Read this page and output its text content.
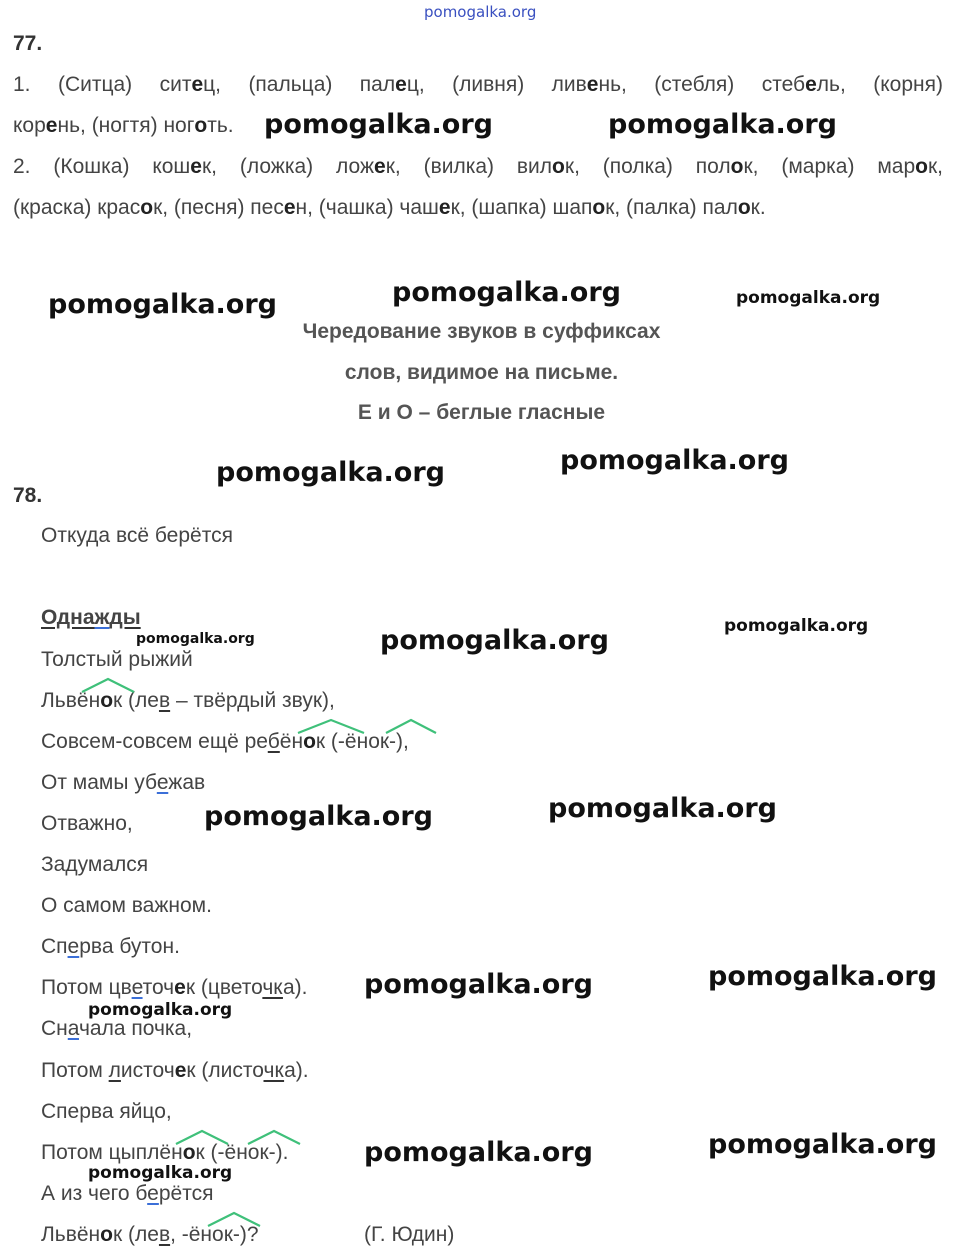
pomogalka.org
77.
1. (Ситца) ситец, (пальца) палец, (ливня) ливень, (стебля) стебель, (корня)
корень, (ногтя) ноготь.
2. (Кошка) кошек, (ложка) ложек, (вилка) вилок, (полка) полок, (марка) марок,
(краска) красок, (песня) песен, (чашка) чашек, (шапка) шапок, (палка) палок.
Чередование звуков в суффиксах
слов, видимое на письме.
Е и О – беглые гласные
78.
Откуда всё берётся
Однажды
Толстый рыжий
Львёнок (лев – твёрдый звук),
Совсем-совсем ещё ребёнок (-ёнок-),
От мамы убежав
Отважно,
Задумался
О самом важном.
Сперва бутон.
Потом цветочек (цветочка).
Сначала почка,
Потом листочек (листочка).
Сперва яйцо,
Потом цыплёнок (-ёнок-).
А из чего берётся
Львёнок (лев, -ёнок-)?	(Г. Юдин)
pomogalka.org	pomogalka.org
pomogalka.org	pomogalka.org	pomogalka.org
pomogalka.org	pomogalka.org
pomogalka.org	pomogalka.org	pomogalka.org
pomogalka.org	pomogalka.org
pomogalka.org	pomogalka.org
pomogalka.org
pomogalka.org	pomogalka.org
pomogalka.org
